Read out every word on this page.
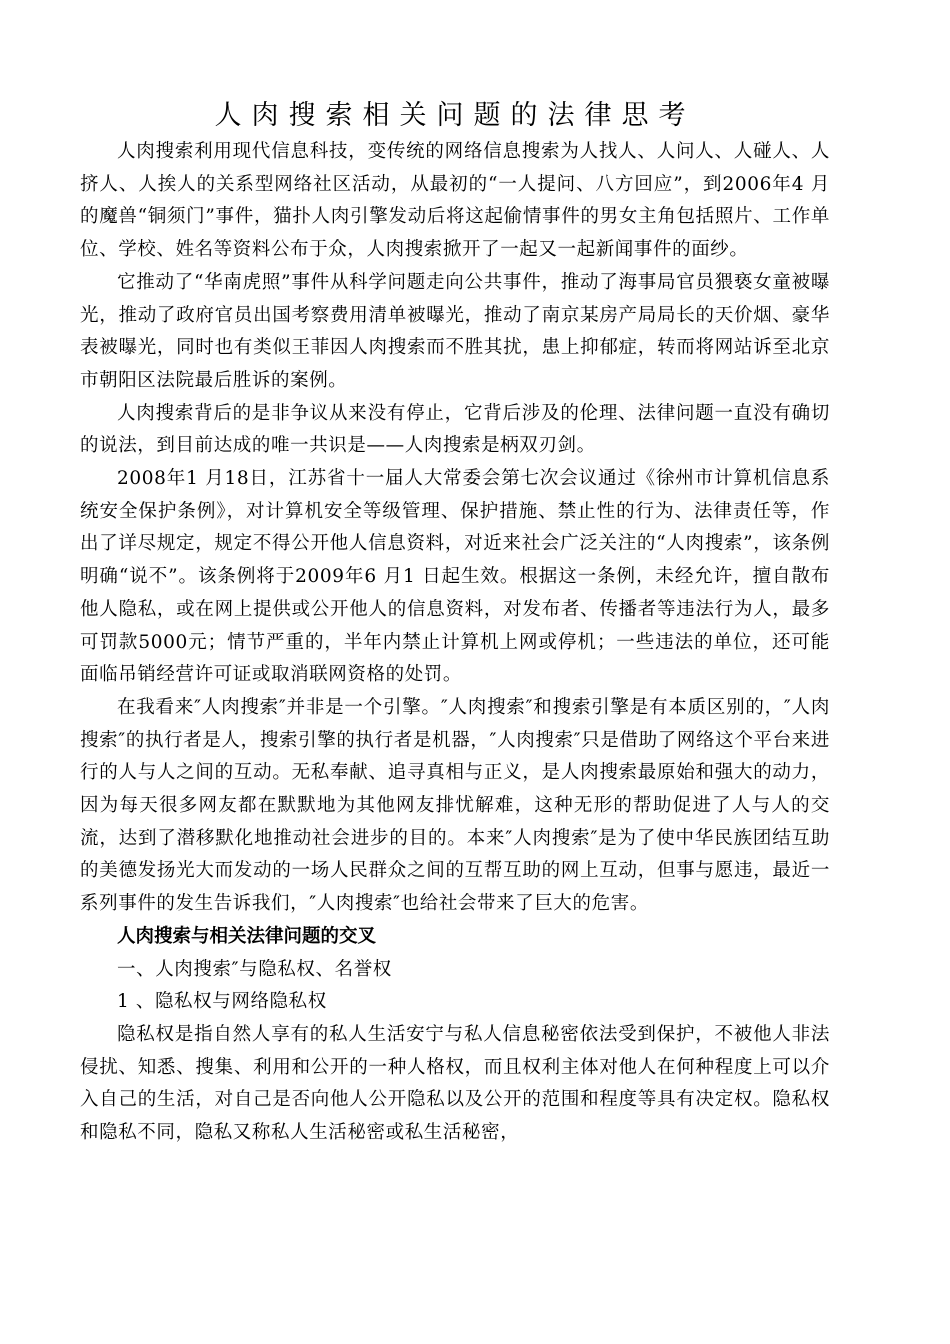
人肉搜索相关问题的法律思考

人肉搜索利用现代信息科技，变传统的网络信息搜索为人找人、人问人、人碰人、人挤人、人挨人的关系型网络社区活动，从最初的“一人提问、八方回应”，到2006年4 月的魔兽“铜须门”事件，猫扑人肉引擎发动后将这起偷情事件的男女主角包括照片、工作单位、学校、姓名等资料公布于众，人肉搜索掀开了一起又一起新闻事件的面纱。

它推动了“华南虎照”事件从科学问题走向公共事件，推动了海事局官员猥亵女童被曝光，推动了政府官员出国考察费用清单被曝光，推动了南京某房产局局长的天价烟、豪华表被曝光，同时也有类似王菲因人肉搜索而不胜其扰，患上抑郁症，转而将网站诉至北京市朝阳区法院最后胜诉的案例。

人肉搜索背后的是非争议从来没有停止，它背后涉及的伦理、法律问题一直没有确切的说法，到目前达成的唯一共识是——人肉搜索是柄双刃剑。

2008年1 月18日，江苏省十一届人大常委会第七次会议通过《徐州市计算机信息系统安全保护条例》，对计算机安全等级管理、保护措施、禁止性的行为、法律责任等，作出了详尽规定，规定不得公开他人信息资料，对近来社会广泛关注的“人肉搜索”，该条例明确“说不”。该条例将于2009年6 月1 日起生效。根据这一条例，未经允许，擅自散布他人隐私，或在网上提供或公开他人的信息资料，对发布者、传播者等违法行为人，最多可罚款5000元；情节严重的，半年内禁止计算机上网或停机；一些违法的单位，还可能面临吊销经营许可证或取消联网资格的处罚。

在我看来″人肉搜索″并非是一个引擎。″人肉搜索″和搜索引擎是有本质区别的，″人肉搜索″的执行者是人，搜索引擎的执行者是机器，″人肉搜索″只是借助了网络这个平台来进行的人与人之间的互动。无私奉献、追寻真相与正义，是人肉搜索最原始和强大的动力，因为每天很多网友都在默默地为其他网友排忧解难，这种无形的帮助促进了人与人的交流，达到了潜移默化地推动社会进步的目的。本来″人肉搜索″是为了使中华民族团结互助的美德发扬光大而发动的一场人民群众之间的互帮互助的网上互动，但事与愿违，最近一系列事件的发生告诉我们，″人肉搜索″也给社会带来了巨大的危害。

人肉搜索与相关法律问题的交叉

一、人肉搜索″与隐私权、名誉权

1 、隐私权与网络隐私权

隐私权是指自然人享有的私人生活安宁与私人信息秘密依法受到保护，不被他人非法侵扰、知悉、搜集、利用和公开的一种人格权，而且权利主体对他人在何种程度上可以介入自己的生活，对自己是否向他人公开隐私以及公开的范围和程度等具有决定权。隐私权和隐私不同，隐私又称私人生活秘密或私生活秘密，
